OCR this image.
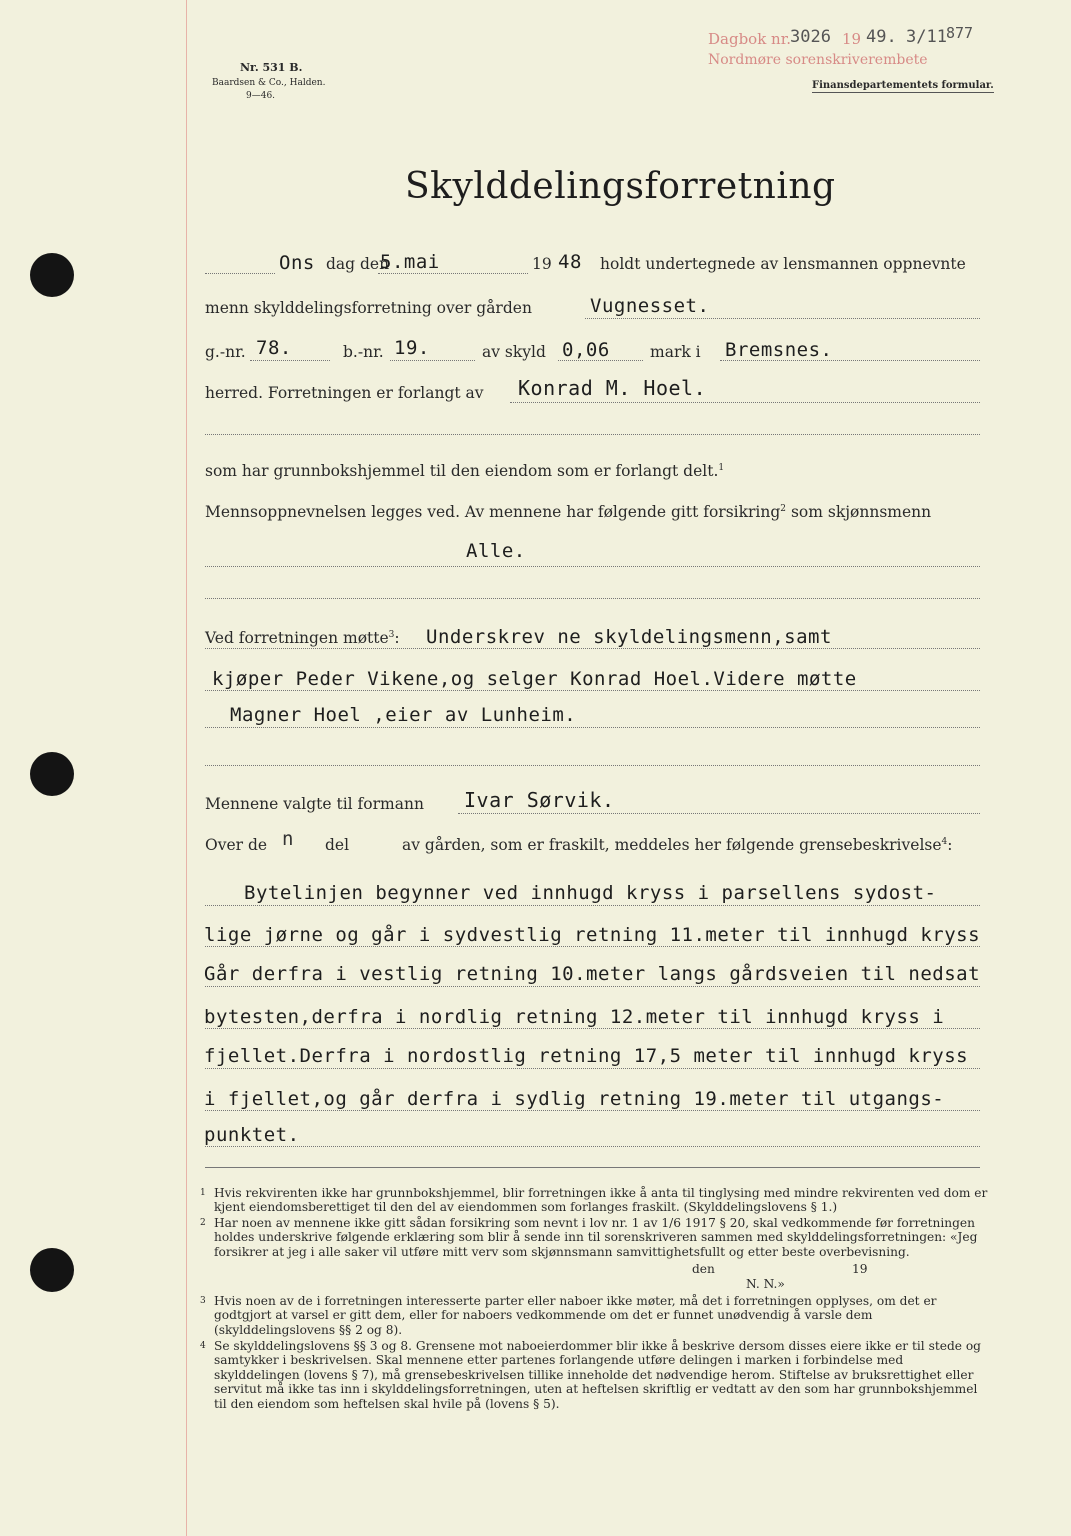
Nr. 531 B.
Baardsen & Co., Halden.
9—46.
Finansdepartementets formular.
Dagbok nr.
3026 19 49. 3/11 877
Nordmøre sorenskriverembete
Skylddelingsforretning
Ons dag den
5.mai	19 48 holdt undertegnede av lensmannen oppnevnte
menn skylddelingsforretning over gården	Vugnesset.
g.-nr. 78.	b.-nr. 19.	av skyld 0,06	mark i Bremsnes.
herred. Forretningen er forlangt av Konrad M. Hoel.
som har grunnbokshjemmel til den eiendom som er forlangt delt.$^1$
Mennsoppnevnelsen legges ved. Av mennene har følgende gitt forsikring$^2$ som skjønnsmenn
Alle.
Ved forretningen møtte$^3$: Underskrev ne skyldelingsmenn,samt
kjøper Peder Vikene,og selger Konrad Hoel.Videre møtte
Magner Hoel ,eier av Lunheim.
Mennene valgte til formann Ivar Sørvik.
Over de n del	av gården, som er fraskilt, meddeles her følgende grensebeskrivelse$^4$:
Bytelinjen begynner ved innhugd kryss i parsellens sydost-
lige jørne og går i sydvestlig retning 11.meter til innhugd kryss
Går derfra i vestlig retning 10.meter langs gårdsveien til nedsat
bytesten,derfra i nordlig retning 12.meter til innhugd kryss i
fjellet.Derfra i nordostlig retning 17,5 meter til innhugd kryss
i fjellet,og går derfra i sydlig retning 19.meter til utgangs-
punktet.
1 Hvis rekvirenten ikke har grunnbokshjemmel, blir forretningen ikke å anta til tinglysing med mindre rekvirenten ved dom er kjent eiendomsberettiget til den del av eiendommen som forlanges fraskilt. (Skylddelingslovens § 1.)
2 Har noen av mennene ikke gitt sådan forsikring som nevnt i lov nr. 1 av 1/6 1917 § 20, skal vedkommende før forretningen holdes underskrive følgende erklæring som blir å sende inn til sorenskriveren sammen med skylddelingsforretningen: «Jeg forsikrer at jeg i alle saker vil utføre mitt verv som skjønnsmann samvittighetsfullt og etter beste overbevisning.
den	19
N. N.»
3 Hvis noen av de i forretningen interesserte parter eller naboer ikke møter, må det i forretningen opplyses, om det er godtgjort at varsel er gitt dem, eller for naboers vedkommende om det er funnet unødvendig å varsle dem (skylddelingslovens §§ 2 og 8).
4 Se skylddelingslovens §§ 3 og 8. Grensene mot naboeierdommer blir ikke å beskrive dersom disses eiere ikke er til stede og samtykker i beskrivelsen. Skal mennene etter partenes forlangende utføre delingen i marken i forbindelse med skylddelingen (lovens § 7), må grensebeskrivelsen tillike inneholde det nødvendige herom. Stiftelse av bruksrettighet eller servitut må ikke tas inn i skylddelingsforretningen, uten at heftelsen skriftlig er vedtatt av den som har grunnbokshjemmel til den eiendom som heftelsen skal hvile på (lovens § 5).
